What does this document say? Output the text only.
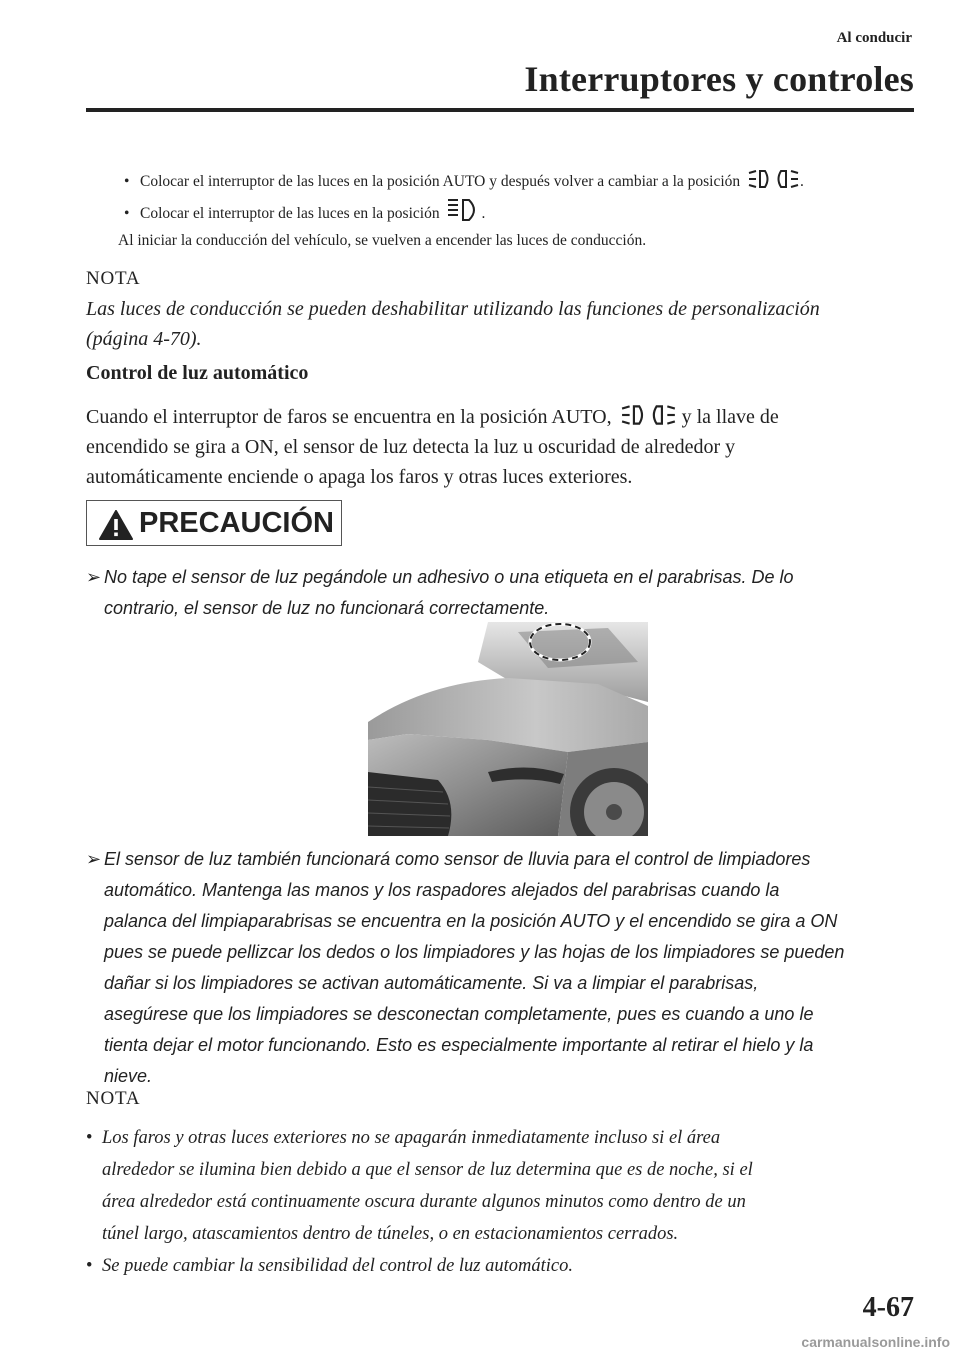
Al conducir
Interruptores y controles
• Colocar el interruptor de las luces en la posición AUTO y después volver a cambiar a la posición	.
• Colocar el interruptor de las luces en la posición	.
Al iniciar la conducción del vehículo, se vuelven a encender las luces de conducción.
NOTA
Las luces de conducción se pueden deshabilitar utilizando las funciones de personalización
(página 4-70).
Control de luz automático
Cuando el interruptor de faros se encuentra en la posición AUTO,	y la llave de
encendido se gira a ON, el sensor de luz detecta la luz u oscuridad de alrededor y
automáticamente enciende o apaga los faros y otras luces exteriores.
PRECAUCIÓN
➢ No tape el sensor de luz pegándole un adhesivo o una etiqueta en el parabrisas. De lo
contrario, el sensor de luz no funcionará correctamente.
➢ El sensor de luz también funcionará como sensor de lluvia para el control de limpiadores
automático. Mantenga las manos y los raspadores alejados del parabrisas cuando la
palanca del limpiaparabrisas se encuentra en la posición AUTO y el encendido se gira a ON
pues se puede pellizcar los dedos o los limpiadores y las hojas de los limpiadores se pueden
dañar si los limpiadores se activan automáticamente. Si va a limpiar el parabrisas,
asegúrese que los limpiadores se desconectan completamente, pues es cuando a uno le
tienta dejar el motor funcionando. Esto es especialmente importante al retirar el hielo y la
nieve.
NOTA
• Los faros y otras luces exteriores no se apagarán inmediatamente incluso si el área
alrededor se ilumina bien debido a que el sensor de luz determina que es de noche, si el
área alrededor está continuamente oscura durante algunos minutos como dentro de un
túnel largo, atascamientos dentro de túneles, o en estacionamientos cerrados.
• Se puede cambiar la sensibilidad del control de luz automático.
4-67
carmanualsonline.info
